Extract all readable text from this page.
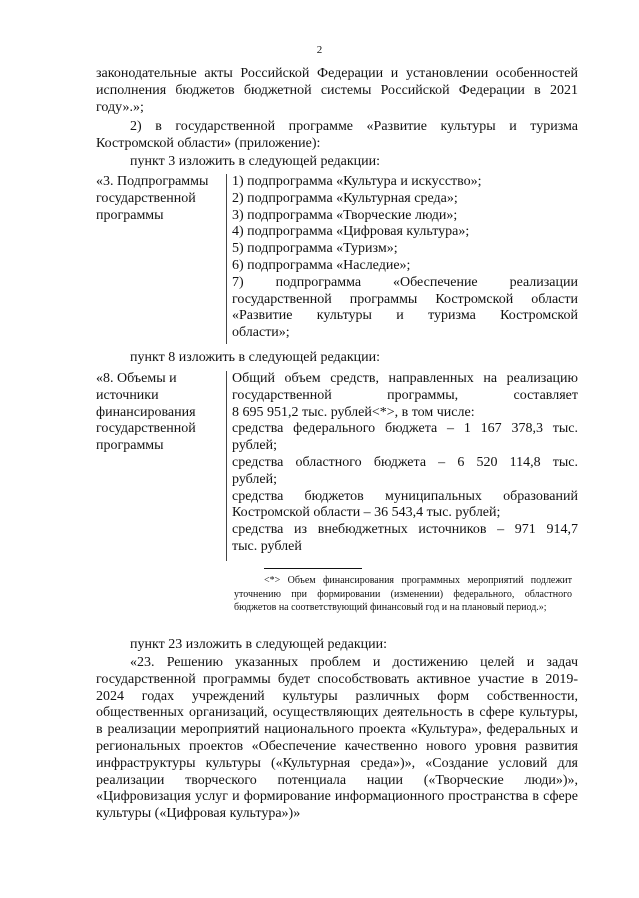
2
законодательные акты Российской Федерации и установлении особенностей исполнения бюджетов бюджетной системы Российской Федерации в 2021 году».»;
2) в государственной программе «Развитие культуры и туризма Костромской области» (приложение):
пункт 3 изложить в следующей редакции:
«3. Подпрограммы
государственной
программы
1) подпрограмма «Культура и искусство»;
2) подпрограмма «Культурная среда»;
3) подпрограмма «Творческие люди»;
4) подпрограмма «Цифровая культура»;
5) подпрограмма «Туризм»;
6) подпрограмма «Наследие»;
7) подпрограмма «Обеспечение реализации
государственной программы Костромской области
«Развитие культуры и туризма Костромской
области»;
пункт 8 изложить в следующей редакции:
«8. Объемы и
источники
финансирования
государственной
программы
Общий объем средств, направленных на реализацию
государственной программы, составляет
8 695 951,2 тыс. рублей<*>, в том числе:
средства федерального бюджета – 1 167 378,3 тыс.
рублей;
средства областного бюджета – 6 520 114,8 тыс.
рублей;
средства бюджетов муниципальных образований
Костромской области – 36 543,4 тыс. рублей;
средства из внебюджетных источников – 971 914,7
тыс. рублей
<*> Объем финансирования программных мероприятий подлежит уточнению при формировании (изменении) федерального, областного бюджетов на соответствующий финансовый год и на плановый период.»;
пункт 23 изложить в следующей редакции:
«23. Решению указанных проблем и достижению целей и задач государственной программы будет способствовать активное участие в 2019-2024 годах учреждений культуры различных форм собственности, общественных организаций, осуществляющих деятельность в сфере культуры, в реализации мероприятий национального проекта «Культура», федеральных и региональных проектов «Обеспечение качественно нового уровня развития инфраструктуры культуры («Культурная среда»)», «Создание условий для реализации творческого потенциала нации («Творческие люди»)», «Цифровизация услуг и формирование информационного пространства в сфере культуры («Цифровая культура»)»
